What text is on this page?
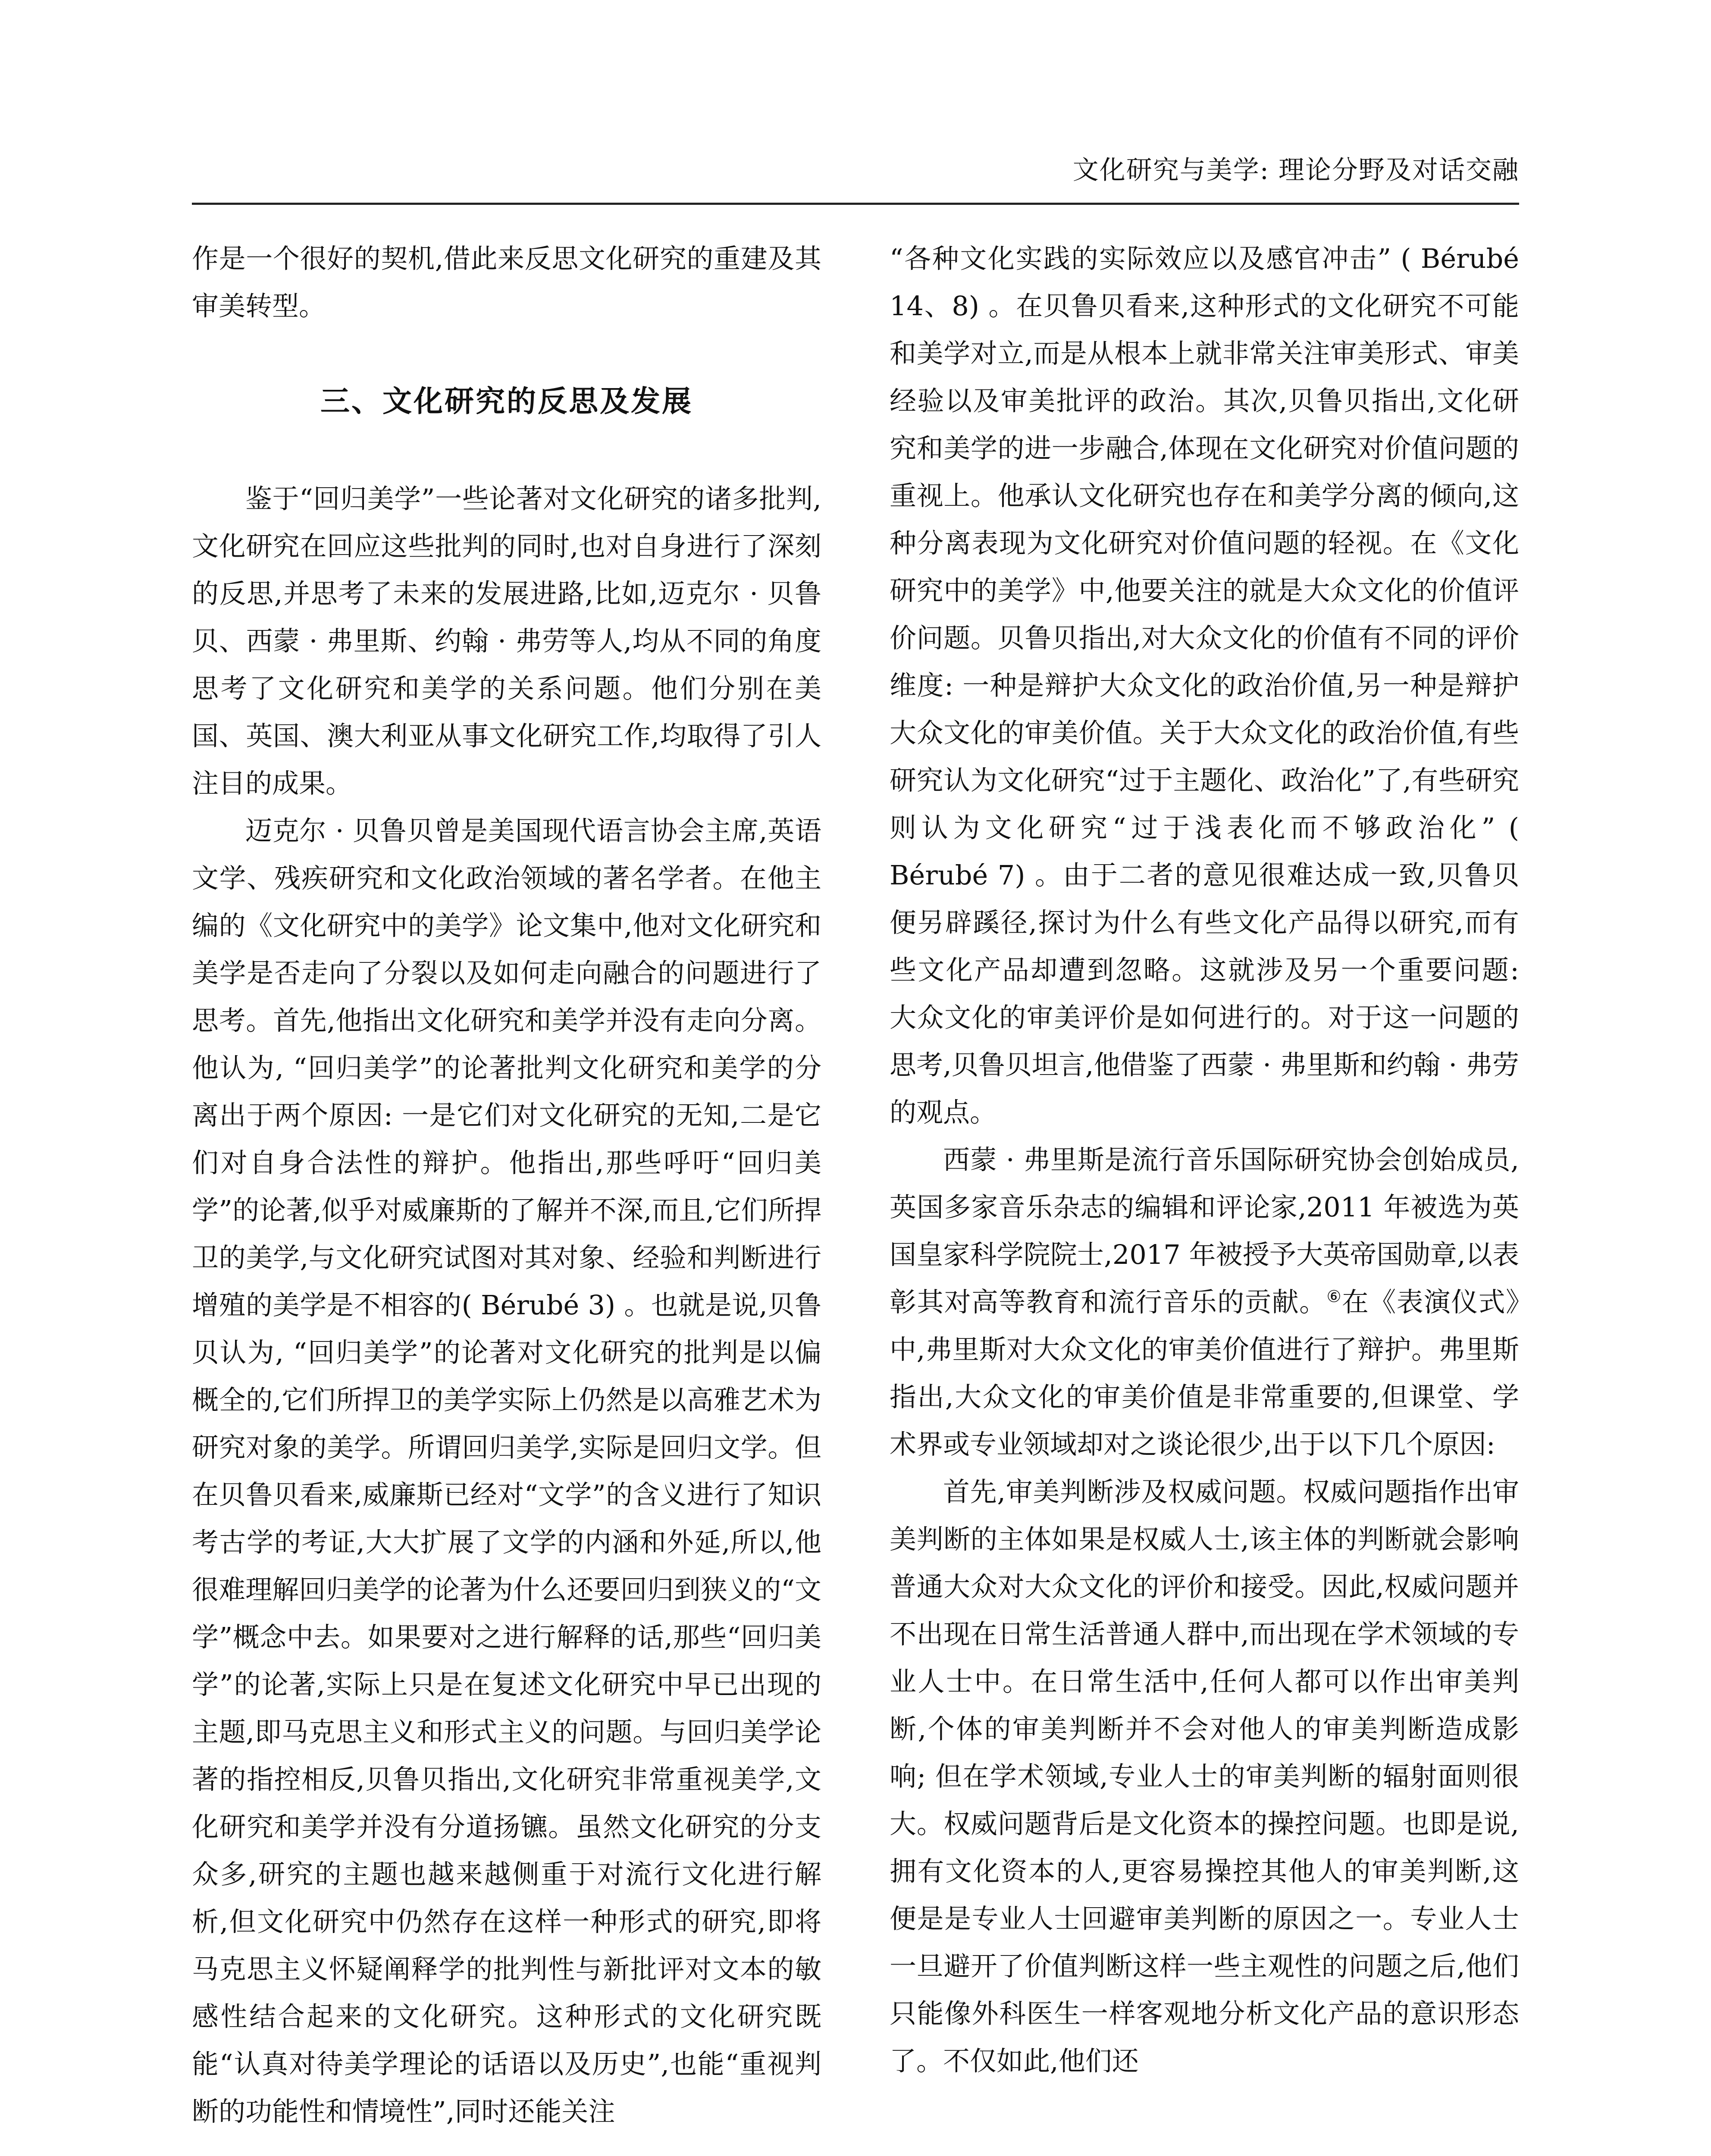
文化研究与美学: 理论分野及对话交融

作是一个很好的契机,借此来反思文化研究的重建及其审美转型。

三、文化研究的反思及发展

鉴于“回归美学”一些论著对文化研究的诸多批判,文化研究在回应这些批判的同时,也对自身进行了深刻的反思,并思考了未来的发展进路,比如,迈克尔 · 贝鲁贝、西蒙 · 弗里斯、约翰 · 弗劳等人,均从不同的角度思考了文化研究和美学的关系问题。他们分别在美国、英国、澳大利亚从事文化研究工作,均取得了引人注目的成果。

迈克尔 · 贝鲁贝曾是美国现代语言协会主席,英语文学、残疾研究和文化政治领域的著名学者。在他主编的《文化研究中的美学》论文集中,他对文化研究和美学是否走向了分裂以及如何走向融合的问题进行了思考。首先,他指出文化研究和美学并没有走向分离。他认为, “回归美学”的论著批判文化研究和美学的分离出于两个原因: 一是它们对文化研究的无知,二是它们对自身合法性的辩护。他指出,那些呼吁“回归美学”的论著,似乎对威廉斯的了解并不深,而且,它们所捍卫的美学,与文化研究试图对其对象、经验和判断进行增殖的美学是不相容的( Bérubé 3) 。也就是说,贝鲁贝认为, “回归美学”的论著对文化研究的批判是以偏概全的,它们所捍卫的美学实际上仍然是以高雅艺术为研究对象的美学。所谓回归美学,实际是回归文学。但在贝鲁贝看来,威廉斯已经对“文学”的含义进行了知识考古学的考证,大大扩展了文学的内涵和外延,所以,他很难理解回归美学的论著为什么还要回归到狭义的“文学”概念中去。如果要对之进行解释的话,那些“回归美学”的论著,实际上只是在复述文化研究中早已出现的主题,即马克思主义和形式主义的问题。与回归美学论著的指控相反,贝鲁贝指出,文化研究非常重视美学,文化研究和美学并没有分道扬镳。虽然文化研究的分支众多,研究的主题也越来越侧重于对流行文化进行解析,但文化研究中仍然存在这样一种形式的研究,即将马克思主义怀疑阐释学的批判性与新批评对文本的敏感性结合起来的文化研究。这种形式的文化研究既能“认真对待美学理论的话语以及历史”,也能“重视判断的功能性和情境性”,同时还能关注

“各种文化实践的实际效应以及感官冲击” ( Bérubé 14、8) 。在贝鲁贝看来,这种形式的文化研究不可能和美学对立,而是从根本上就非常关注审美形式、审美经验以及审美批评的政治。其次,贝鲁贝指出,文化研究和美学的进一步融合,体现在文化研究对价值问题的重视上。他承认文化研究也存在和美学分离的倾向,这种分离表现为文化研究对价值问题的轻视。在《文化研究中的美学》中,他要关注的就是大众文化的价值评价问题。贝鲁贝指出,对大众文化的价值有不同的评价维度: 一种是辩护大众文化的政治价值,另一种是辩护大众文化的审美价值。关于大众文化的政治价值,有些研究认为文化研究“过于主题化、政治化”了,有些研究则认为文化研究“过于浅表化而不够政治化” ( Bérubé 7) 。由于二者的意见很难达成一致,贝鲁贝便另辟蹊径,探讨为什么有些文化产品得以研究,而有些文化产品却遭到忽略。这就涉及另一个重要问题: 大众文化的审美评价是如何进行的。对于这一问题的思考,贝鲁贝坦言,他借鉴了西蒙 · 弗里斯和约翰 · 弗劳的观点。

西蒙 · 弗里斯是流行音乐国际研究协会创始成员,英国多家音乐杂志的编辑和评论家,2011 年被选为英国皇家科学院院士,2017 年被授予大英帝国勋章,以表彰其对高等教育和流行音乐的贡献。⑥在《表演仪式》中,弗里斯对大众文化的审美价值进行了辩护。弗里斯指出,大众文化的审美价值是非常重要的,但课堂、学术界或专业领域却对之谈论很少,出于以下几个原因:

首先,审美判断涉及权威问题。权威问题指作出审美判断的主体如果是权威人士,该主体的判断就会影响普通大众对大众文化的评价和接受。因此,权威问题并不出现在日常生活普通人群中,而出现在学术领域的专业人士中。在日常生活中,任何人都可以作出审美判断,个体的审美判断并不会对他人的审美判断造成影响; 但在学术领域,专业人士的审美判断的辐射面则很大。权威问题背后是文化资本的操控问题。也即是说,拥有文化资本的人,更容易操控其他人的审美判断,这便是是专业人士回避审美判断的原因之一。专业人士一旦避开了价值判断这样一些主观性的问题之后,他们只能像外科医生一样客观地分析文化产品的意识形态了。不仅如此,他们还
